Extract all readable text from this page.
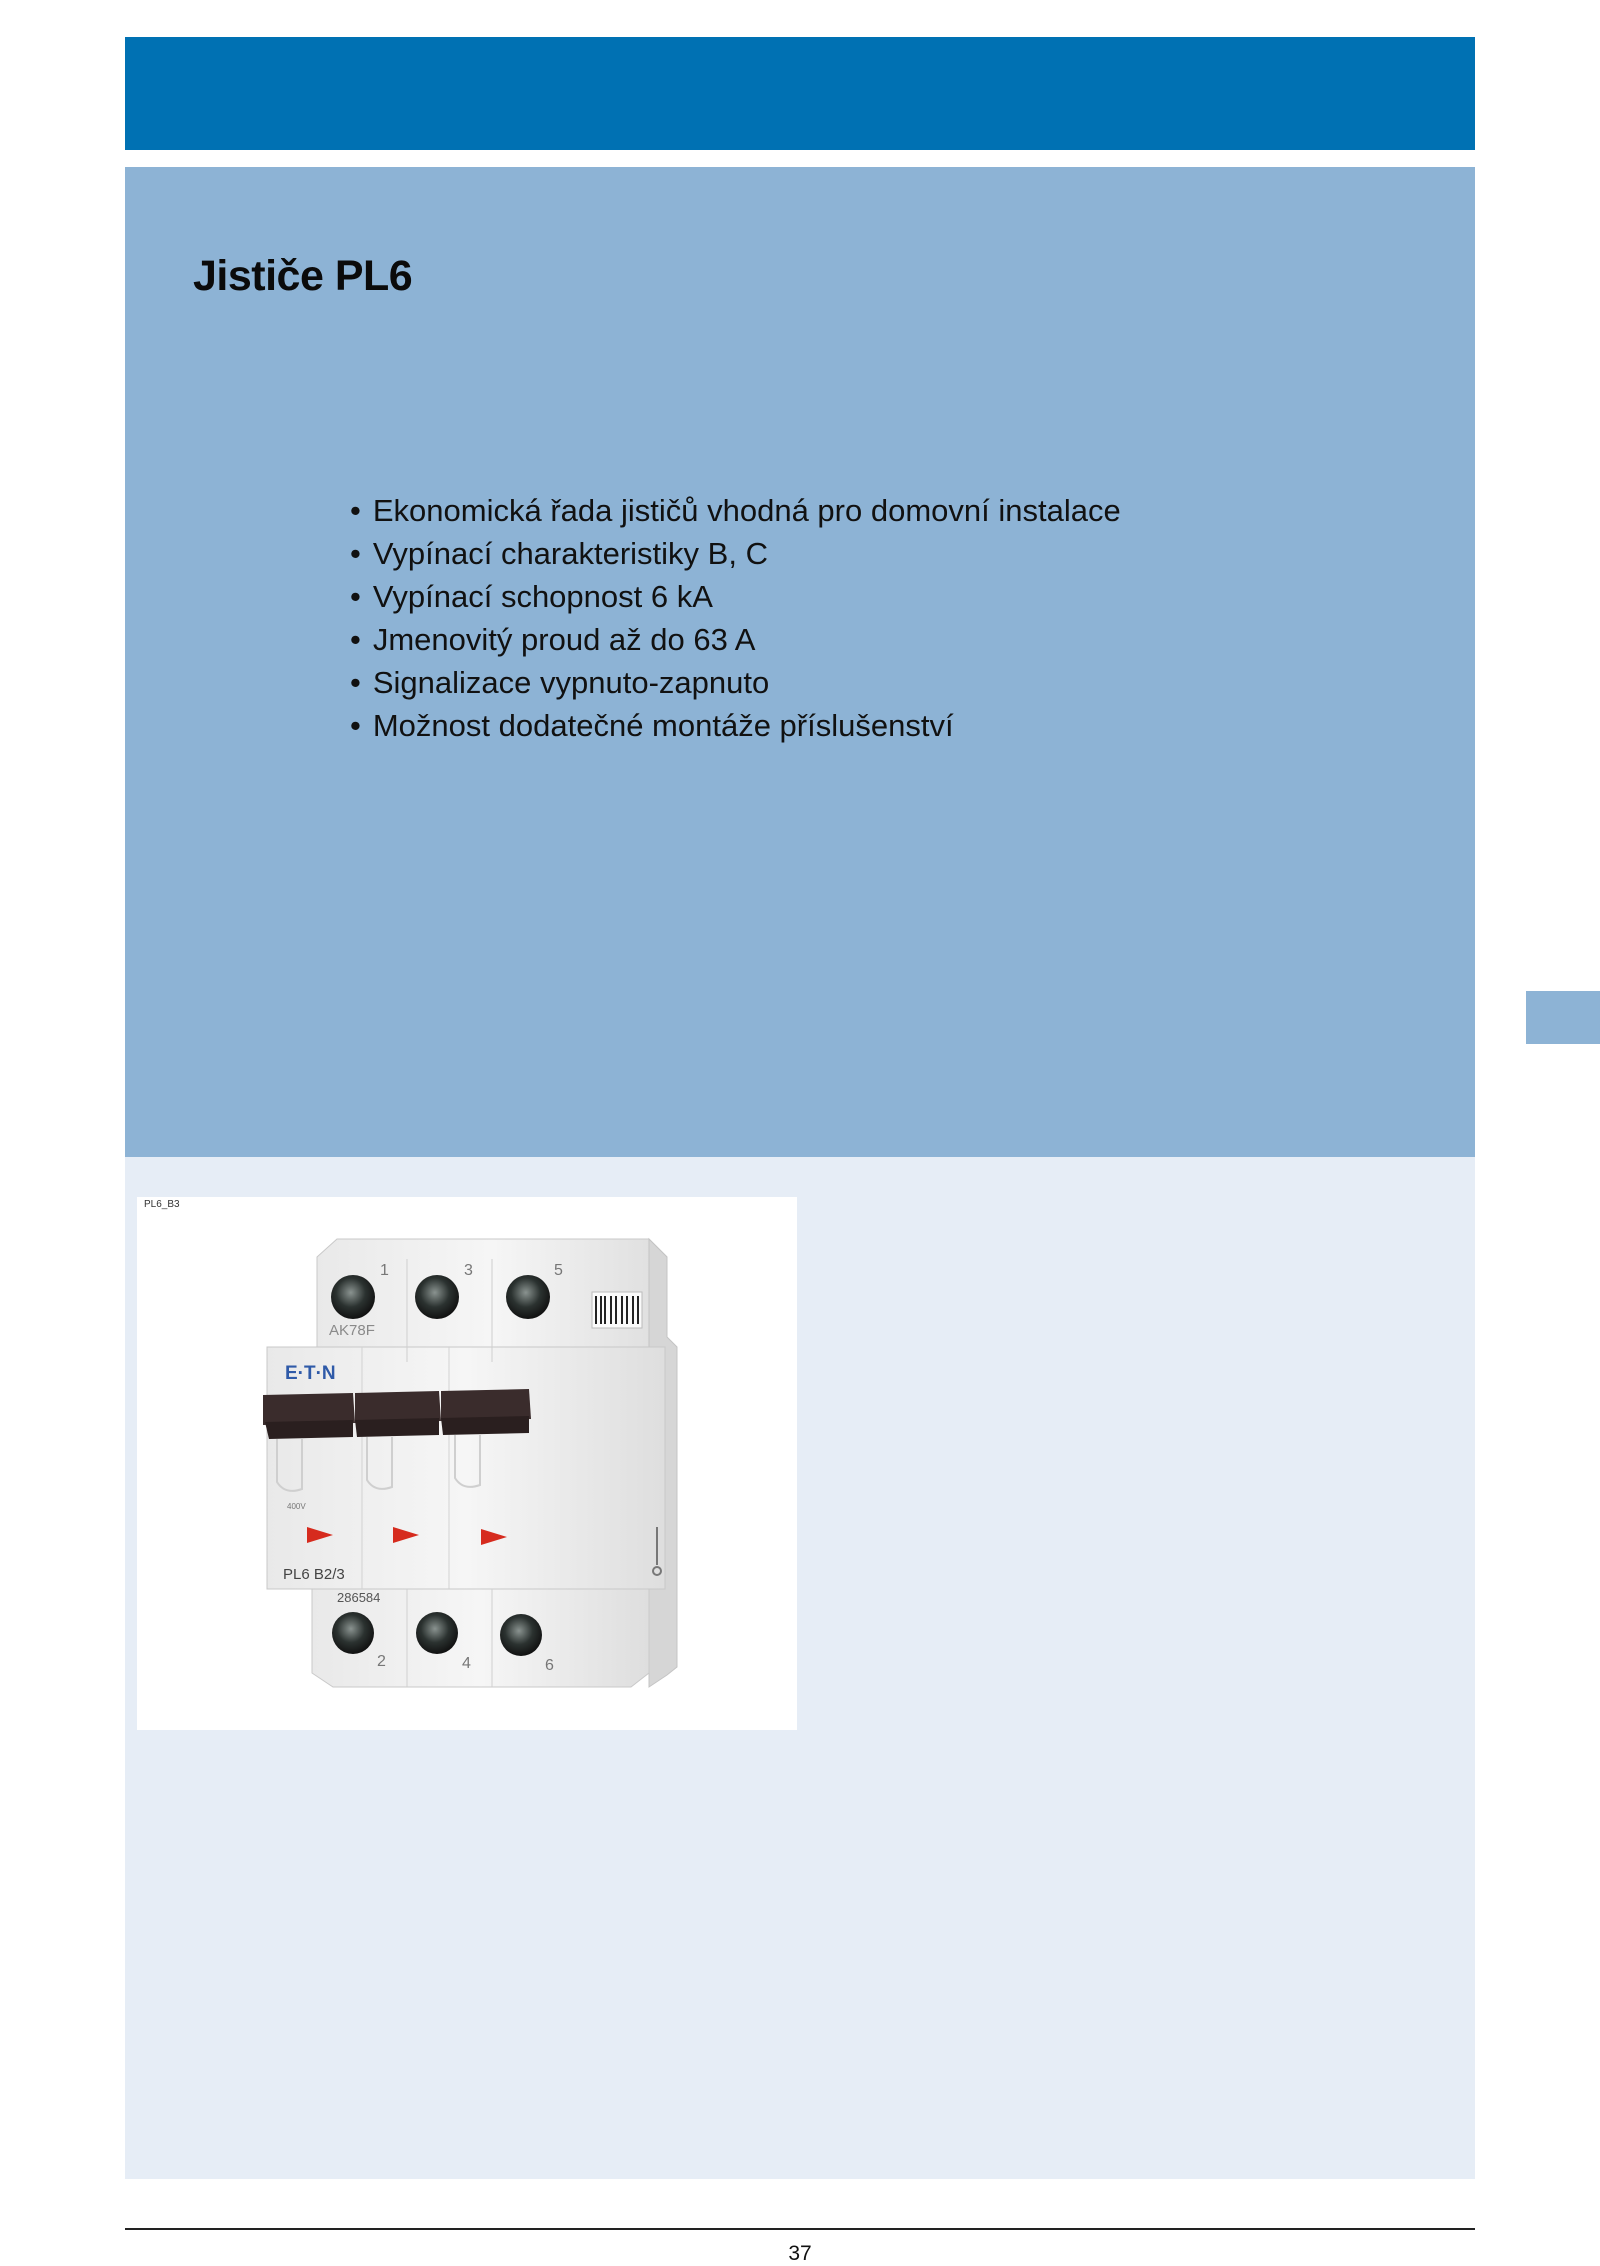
Jističe PL6
• Ekonomická řada jističů vhodná pro domovní instalace
• Vypínací charakteristiky B, C
• Vypínací schopnost 6 kA
• Jmenovitý proud až do 63 A
• Signalizace vypnuto-zapnuto
• Možnost dodatečné montáže příslušenství
1	3	5
AK78F
E·T·N
400V
PL6 B2/3
286584
2	4	6
PL6_B3
37
